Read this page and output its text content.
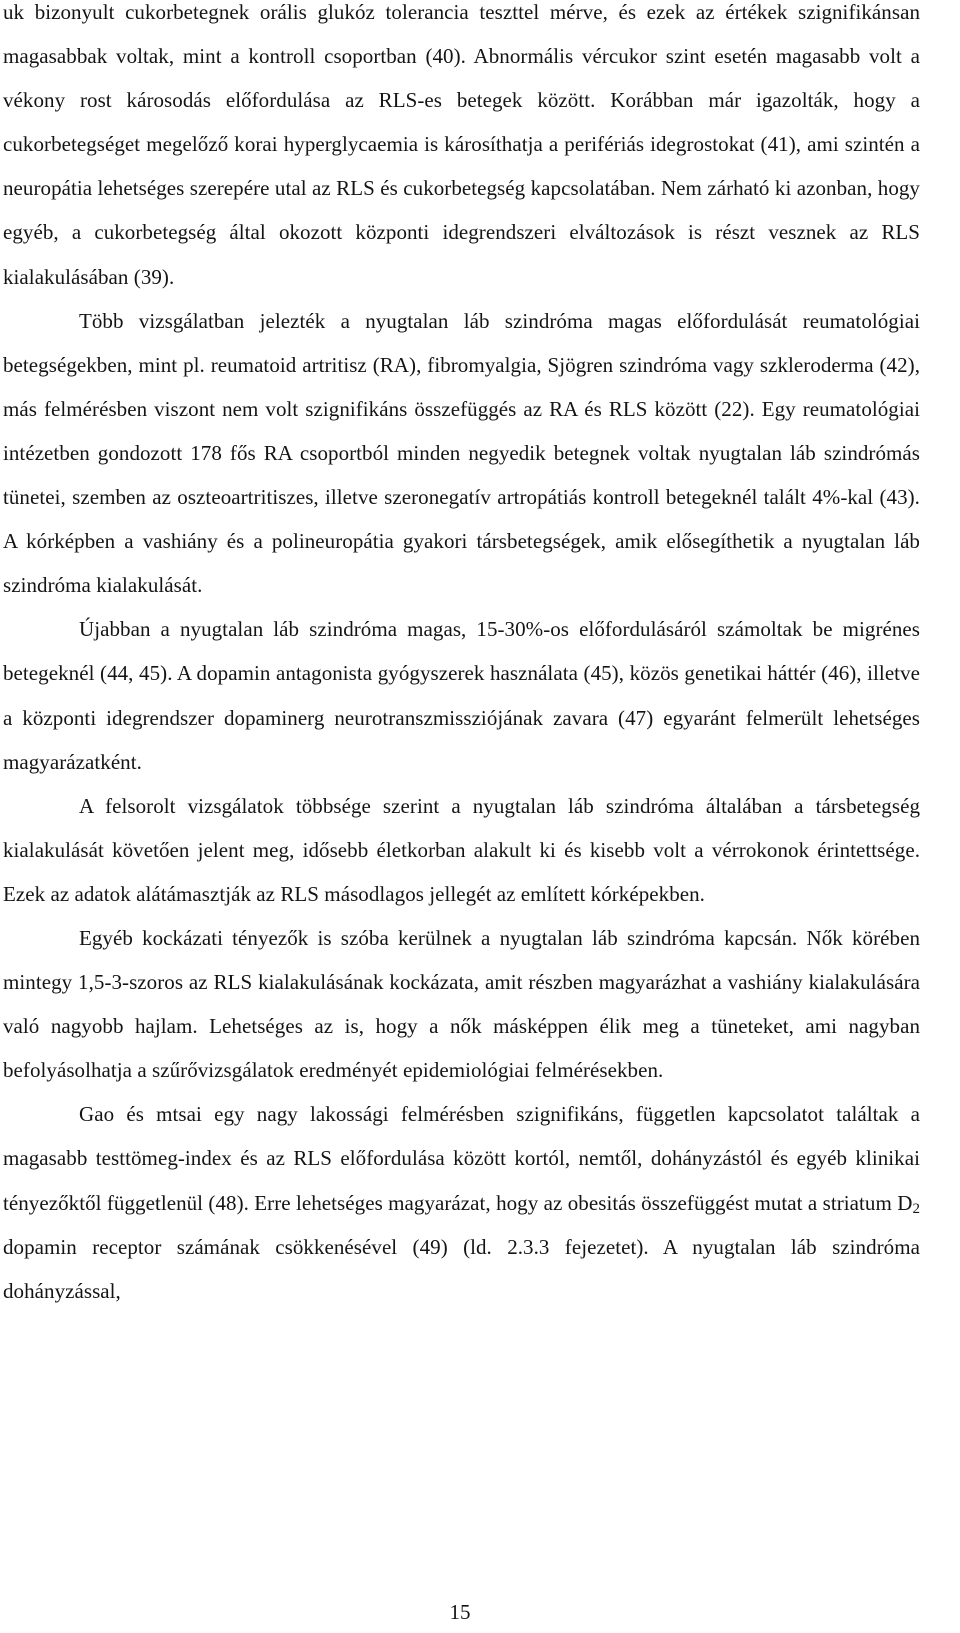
uk bizonyult cukorbetegnek orális glukóz tolerancia teszttel mérve, és ezek az értékek szignifikánsan magasabbak voltak, mint a kontroll csoportban (40). Abnormális vércukor szint esetén magasabb volt a vékony rost károsodás előfordulása az RLS-es betegek között. Korábban már igazolták, hogy a cukorbetegséget megelőző korai hyperglycaemia is károsíthatja a perifériás idegrostokat (41), ami szintén a neuropátia lehetséges szerepére utal az RLS és cukorbetegség kapcsolatában. Nem zárható ki azonban, hogy egyéb, a cukorbetegség által okozott központi idegrendszeri elváltozások is részt vesznek az RLS kialakulásában (39).

Több vizsgálatban jelezték a nyugtalan láb szindróma magas előfordulását reumatológiai betegségekben, mint pl. reumatoid artritisz (RA), fibromyalgia, Sjögren szindróma vagy szkleroderma (42), más felmérésben viszont nem volt szignifikáns összefüggés az RA és RLS között (22). Egy reumatológiai intézetben gondozott 178 fős RA csoportból minden negyedik betegnek voltak nyugtalan láb szindrómás tünetei, szemben az oszteoartritiszes, illetve szeronegatív artropátiás kontroll betegeknél talált 4%-kal (43). A kórképben a vashiány és a polineuropátia gyakori társbetegségek, amik elősegíthetik a nyugtalan láb szindróma kialakulását.

Újabban a nyugtalan láb szindróma magas, 15-30%-os előfordulásáról számoltak be migrénes betegeknél (44, 45). A dopamin antagonista gyógyszerek használata (45), közös genetikai háttér (46), illetve a központi idegrendszer dopaminerg neurotranszmissziójának zavara (47) egyaránt felmerült lehetséges magyarázatként.

A felsorolt vizsgálatok többsége szerint a nyugtalan láb szindróma általában a társbetegség kialakulását követően jelent meg, idősebb életkorban alakult ki és kisebb volt a vérrokonok érintettsége. Ezek az adatok alátámasztják az RLS másodlagos jellegét az említett kórképekben.

Egyéb kockázati tényezők is szóba kerülnek a nyugtalan láb szindróma kapcsán. Nők körében mintegy 1,5-3-szoros az RLS kialakulásának kockázata, amit részben magyarázhat a vashiány kialakulására való nagyobb hajlam. Lehetséges az is, hogy a nők másképpen élik meg a tüneteket, ami nagyban befolyásolhatja a szűrővizsgálatok eredményét epidemiológiai felmérésekben.

Gao és mtsai egy nagy lakossági felmérésben szignifikáns, független kapcsolatot találtak a magasabb testtömeg-index és az RLS előfordulása között kortól, nemtől, dohányzástól és egyéb klinikai tényezőktől függetlenül (48). Erre lehetséges magyarázat, hogy az obesitás összefüggést mutat a striatum $D_2$ dopamin receptor számának csökkenésével (49) (ld. 2.3.3 fejezetet). A nyugtalan láb szindróma dohányzással,

15
